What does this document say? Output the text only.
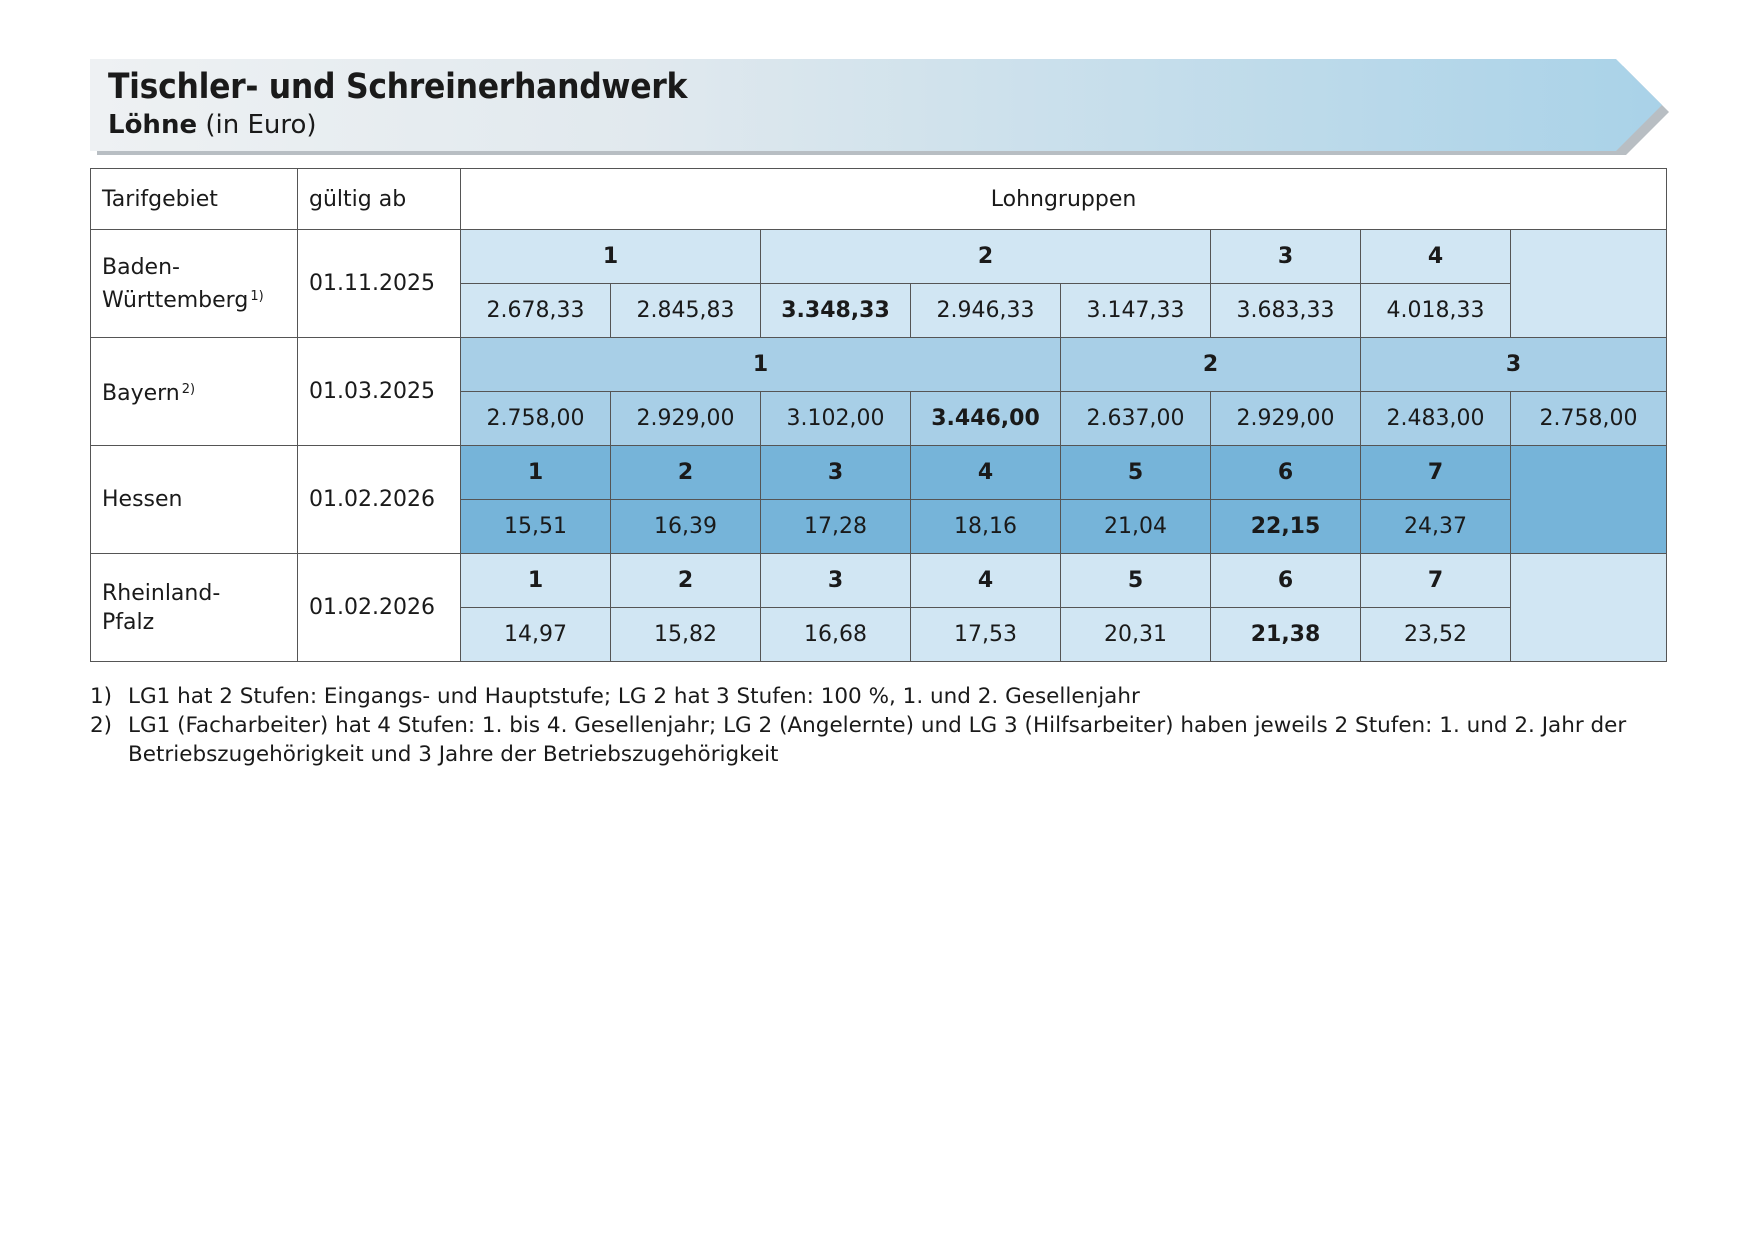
Tischler- und Schreinerhandwerk
Löhne (in Euro)
Tarifgebiet	gültig ab	Lohngruppen							
Baden-
Württemberg $^{1)}$	01.11.2025	1		2			3	4	
		2.678,33	2.845,83	3.348,33	2.946,33	3.147,33	3.683,33	4.018,33	
Bayern $^{2)}$	01.03.2025	1				2		3	
		2.758,00	2.929,00	3.102,00	3.446,00	2.637,00	2.929,00	2.483,00	2.758,00
Hessen	01.02.2026	1	2	3	4	5	6	7	
		15,51	16,39	17,28	18,16	21,04	22,15	24,37	
Rheinland-
Pfalz	01.02.2026	1	2	3	4	5	6	7	
		14,97	15,82	16,68	17,53	20,31	21,38	23,52	
1) LG1 hat 2 Stufen: Eingangs- und Hauptstufe; LG 2 hat 3 Stufen: 100 %, 1. und 2. Gesellenjahr
2) LG1 (Facharbeiter) hat 4 Stufen: 1. bis 4. Gesellenjahr; LG 2 (Angelernte) und LG 3 (Hilfsarbeiter) haben jeweils 2 Stufen: 1. und 2. Jahr der Betriebszugehörigkeit und 3 Jahre der Betriebszugehörigkeit
